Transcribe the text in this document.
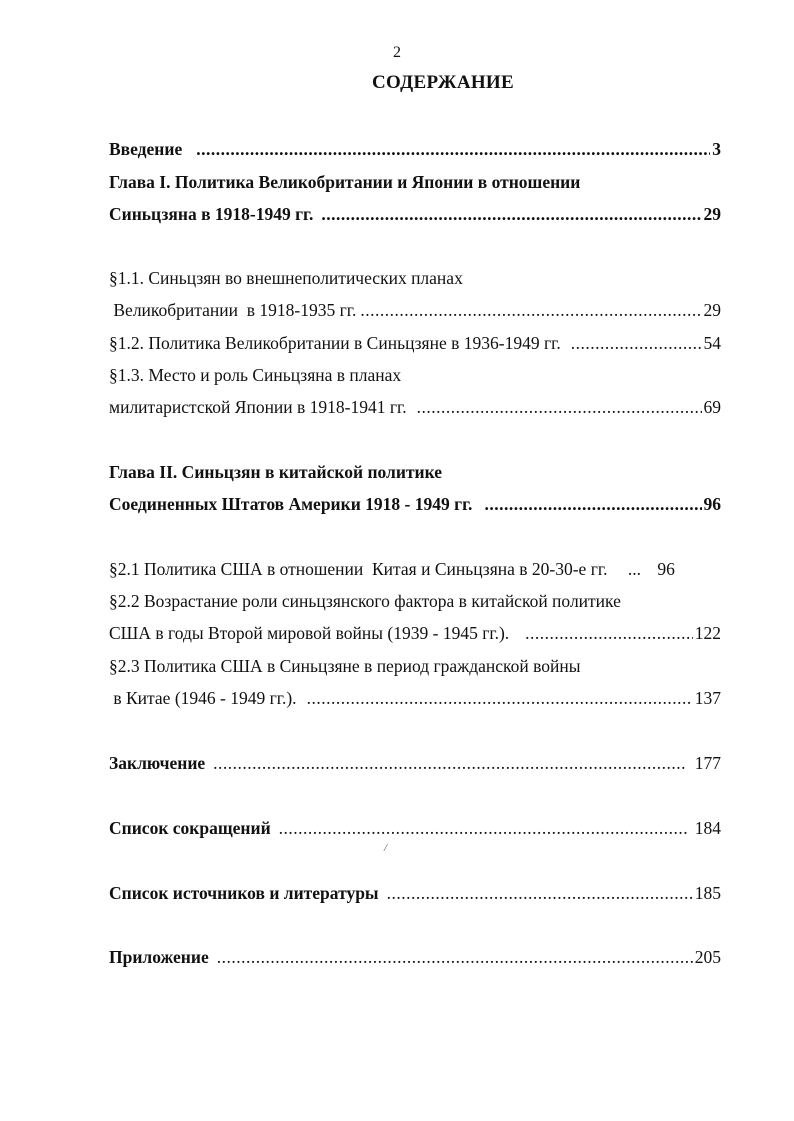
2
СОДЕРЖАНИЕ
Введение .....	3
Глава I. Политика Великобритании и Японии в отношении
Синьцзяна в 1918-1949 гг. .....	29
§1.1. Синьцзян во внешнеполитических планах
Великобритании  в 1918-1935 гг. .....	29
§1.2. Политика Великобритании в Синьцзяне в 1936-1949 гг. .....	54
§1.3. Место и роль Синьцзяна в планах
милитаристской Японии в 1918-1941 гг. .....	69
Глава II. Синьцзян в китайской политике
Соединенных Штатов Америки 1918 - 1949 гг. .....	96
§2.1 Политика США в отношении  Китая и Синьцзяна в 20-30-е гг. ... 96
§2.2 Возрастание роли синьцзянского фактора в китайской политике
США в годы Второй мировой войны (1939 - 1945 гг.). .....	122
§2.3 Политика США в Синьцзяне в период гражданской войны
в Китае (1946 - 1949 гг.). .....	137
Заключение .....	177
Список сокращений .....	184
/
Список источников и литературы .....	185
Приложение .....	205
